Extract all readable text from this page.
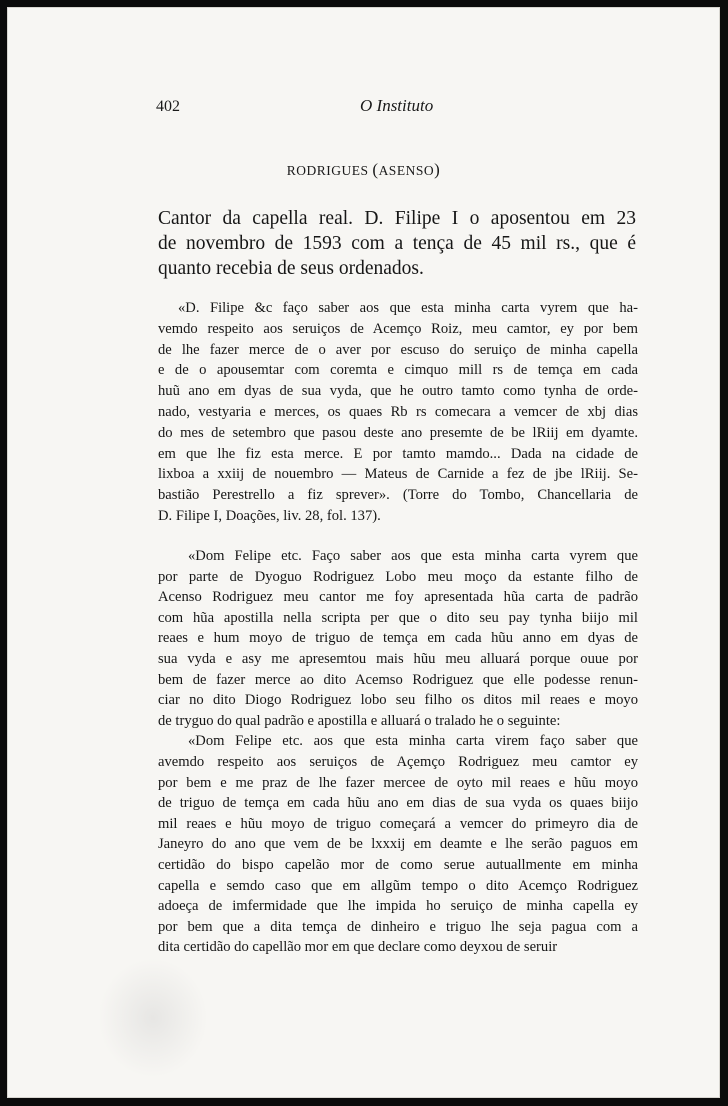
402	O Instituto
RODRIGUES (ASENSO)
Cantor da capella real. D. Filipe I o aposentou em 23
de novembro de 1593 com a tença de 45 mil rs., que é
quanto recebia de seus ordenados.
«D. Filipe &c faço saber aos que esta minha carta vyrem que ha-
vemdo respeito aos seruiços de Acemço Roiz, meu camtor, ey por bem
de lhe fazer merce de o aver por escuso do seruiço de minha capella
e de o apousemtar com coremta e cimquo mill rs de temça em cada
huũ ano em dyas de sua vyda, que he outro tamto como tynha de orde-
nado, vestyaria e merces, os quaes Rb rs comecara a vemcer de xbj dias
do mes de setembro que pasou deste ano presemte de be lRiij em dyamte.
em que lhe fiz esta merce. E por tamto mamdo... Dada na cidade de
lixboa a xxiij de nouembro — Mateus de Carnide a fez de jbe lRiij. Se-
bastião Perestrello a fiz sprever». (Torre do Tombo, Chancellaria de
D. Filipe I, Doações, liv. 28, fol. 137).
«Dom Felipe etc. Faço saber aos que esta minha carta vyrem que
por parte de Dyoguo Rodriguez Lobo meu moço da estante filho de
Acenso Rodriguez meu cantor me foy apresentada hũa carta de padrão
com hũa apostilla nella scripta per que o dito seu pay tynha biijo mil
reaes e hum moyo de triguo de temça em cada hũu anno em dyas de
sua vyda e asy me apresemtou mais hũu meu alluará porque ouue por
bem de fazer merce ao dito Acemso Rodriguez que elle podesse renun-
ciar no dito Diogo Rodriguez lobo seu filho os ditos mil reaes e moyo
de tryguo do qual padrão e apostilla e alluará o tralado he o seguinte:
«Dom Felipe etc. aos que esta minha carta virem faço saber que
avemdo respeito aos seruiços de Açemço Rodriguez meu camtor ey
por bem e me praz de lhe fazer mercee de oyto mil reaes e hũu moyo
de triguo de temça em cada hũu ano em dias de sua vyda os quaes biijo
mil reaes e hũu moyo de triguo começará a vemcer do primeyro dia de
Janeyro do ano que vem de be lxxxij em deamte e lhe serão paguos em
certidão do bispo capelão mor de como serue autuallmente em minha
capella e semdo caso que em allgũm tempo o dito Acemço Rodriguez
adoeça de imfermidade que lhe impida ho seruiço de minha capella ey
por bem que a dita temça de dinheiro e triguo lhe seja pagua com a
dita certidão do capellão mor em que declare como deyxou de seruir
